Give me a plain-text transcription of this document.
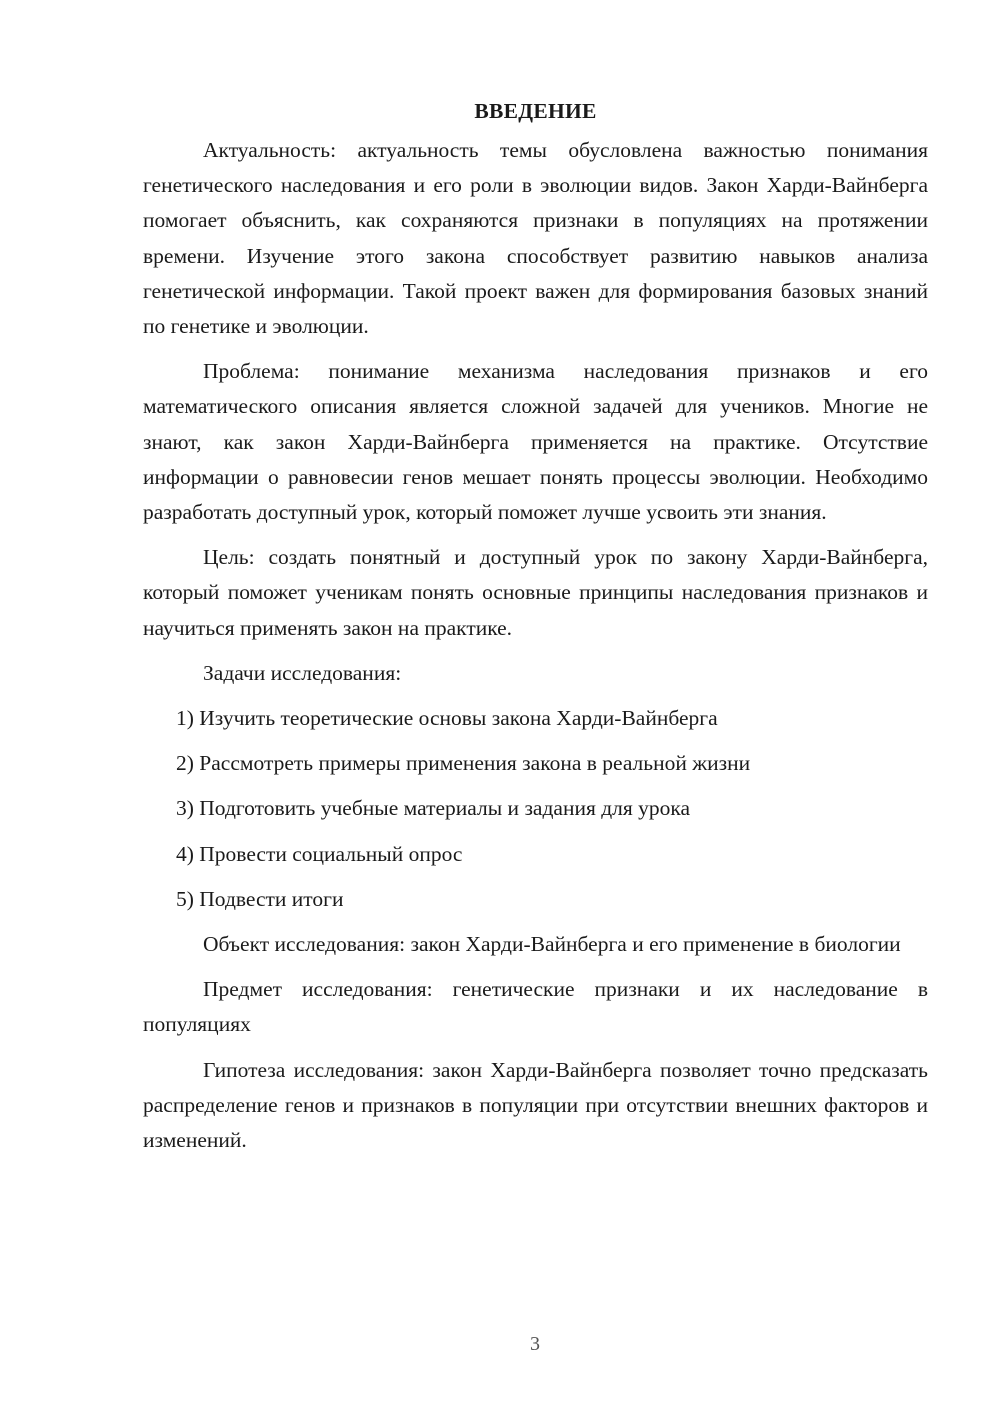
ВВЕДЕНИЕ

Актуальность: актуальность темы обусловлена важностью понимания генетического наследования и его роли в эволюции видов. Закон Харди-Вайнберга помогает объяснить, как сохраняются признаки в популяциях на протяжении времени. Изучение этого закона способствует развитию навыков анализа генетической информации. Такой проект важен для формирования базовых знаний по генетике и эволюции.

Проблема: понимание механизма наследования признаков и его математического описания является сложной задачей для учеников. Многие не знают, как закон Харди-Вайнберга применяется на практике. Отсутствие информации о равновесии генов мешает понять процессы эволюции. Необходимо разработать доступный урок, который поможет лучше усвоить эти знания.

Цель: создать понятный и доступный урок по закону Харди-Вайнберга, который поможет ученикам понять основные принципы наследования признаков и научиться применять закон на практике.

Задачи исследования:
1) Изучить теоретические основы закона Харди-Вайнберга
2) Рассмотреть примеры применения закона в реальной жизни
3) Подготовить учебные материалы и задания для урока
4) Провести социальный опрос
5) Подвести итоги

Объект исследования: закон Харди-Вайнберга и его применение в биологии

Предмет исследования: генетические признаки и их наследование в популяциях

Гипотеза исследования: закон Харди-Вайнберга позволяет точно предсказать распределение генов и признаков в популяции при отсутствии внешних факторов и изменений.

3
